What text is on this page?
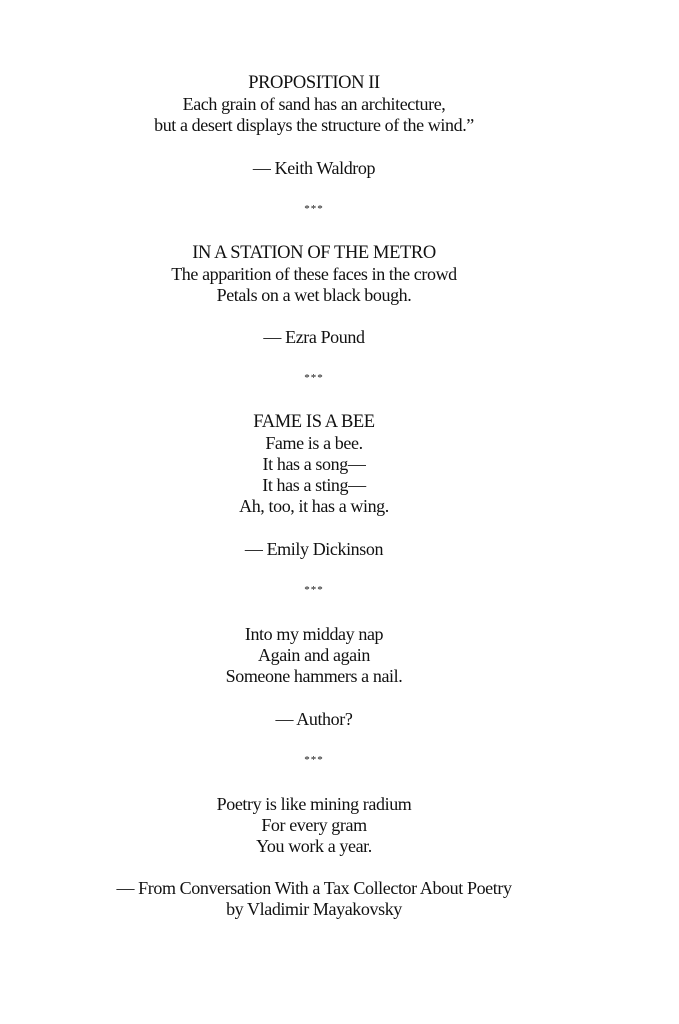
PROPOSITION II
Each grain of sand has an architecture,
but a desert displays the structure of the wind.”
— Keith Waldrop
***
IN A STATION OF THE METRO
The apparition of these faces in the crowd
Petals on a wet black bough.
— Ezra Pound
***
FAME IS A BEE
Fame is a bee.
It has a song—
It has a sting—
Ah, too, it has a wing.
— Emily Dickinson
***
Into my midday nap
Again and again
Someone hammers a nail.
— Author?
***
Poetry is like mining radium
For every gram
You work a year.
— From Conversation With a Tax Collector About Poetry
by Vladimir Mayakovsky
